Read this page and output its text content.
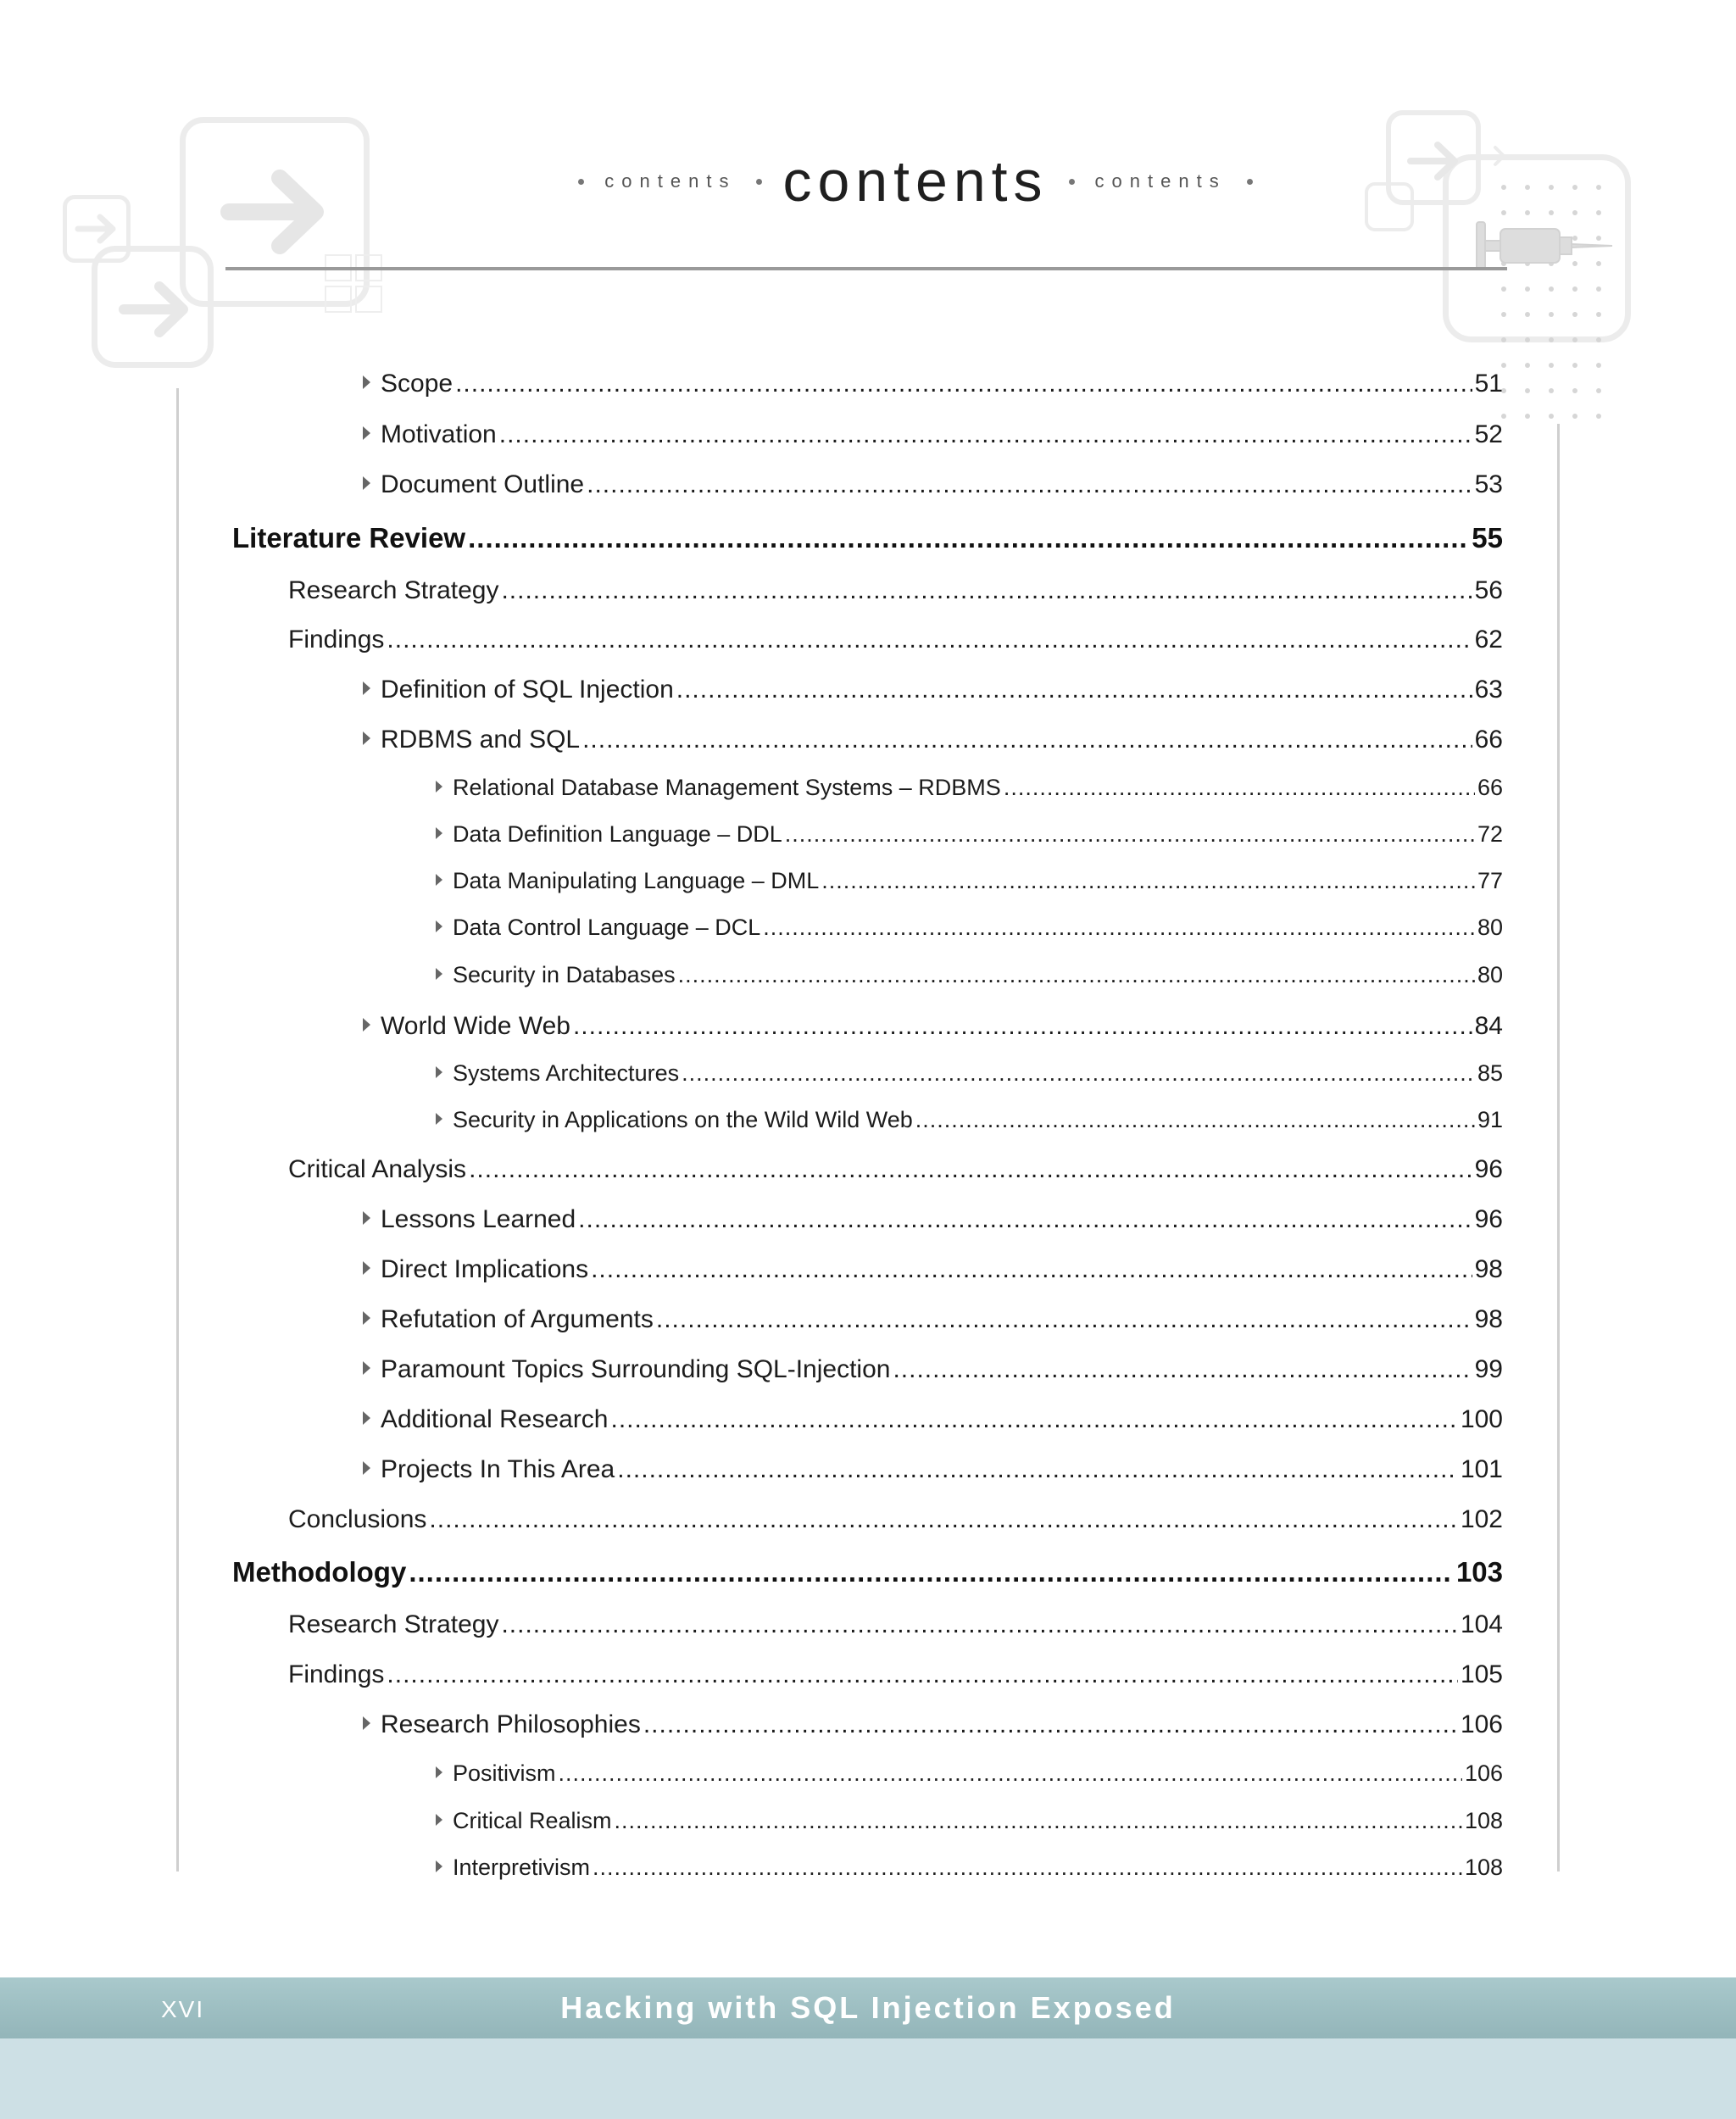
contents contents	contents
Scope .....	51
Motivation .....	52
Document Outline .....	53
Literature Review .....	55
Research Strategy .....	56
Findings .....	62
Definition of SQL Injection .....	63
RDBMS and SQL .....	66
Relational Database Management Systems – RDBMS .....	66
Data Definition Language – DDL .....	72
Data Manipulating Language – DML .....	77
Data Control Language – DCL .....	80
Security in Databases .....	80
World Wide Web .....	84
Systems Architectures .....	85
Security in Applications on the Wild Wild Web .....	91
Critical Analysis .....	96
Lessons Learned .....	96
Direct Implications .....	98
Refutation of Arguments .....	98
Paramount Topics Surrounding SQL-Injection .....	99
Additional Research .....	100
Projects In This Area .....	101
Conclusions .....	102
Methodology .....	103
Research Strategy .....	104
Findings .....	105
Research Philosophies .....	106
Positivism .....	106
Critical Realism .....	108
Interpretivism .....	108
XVI	Hacking with SQL Injection Exposed
